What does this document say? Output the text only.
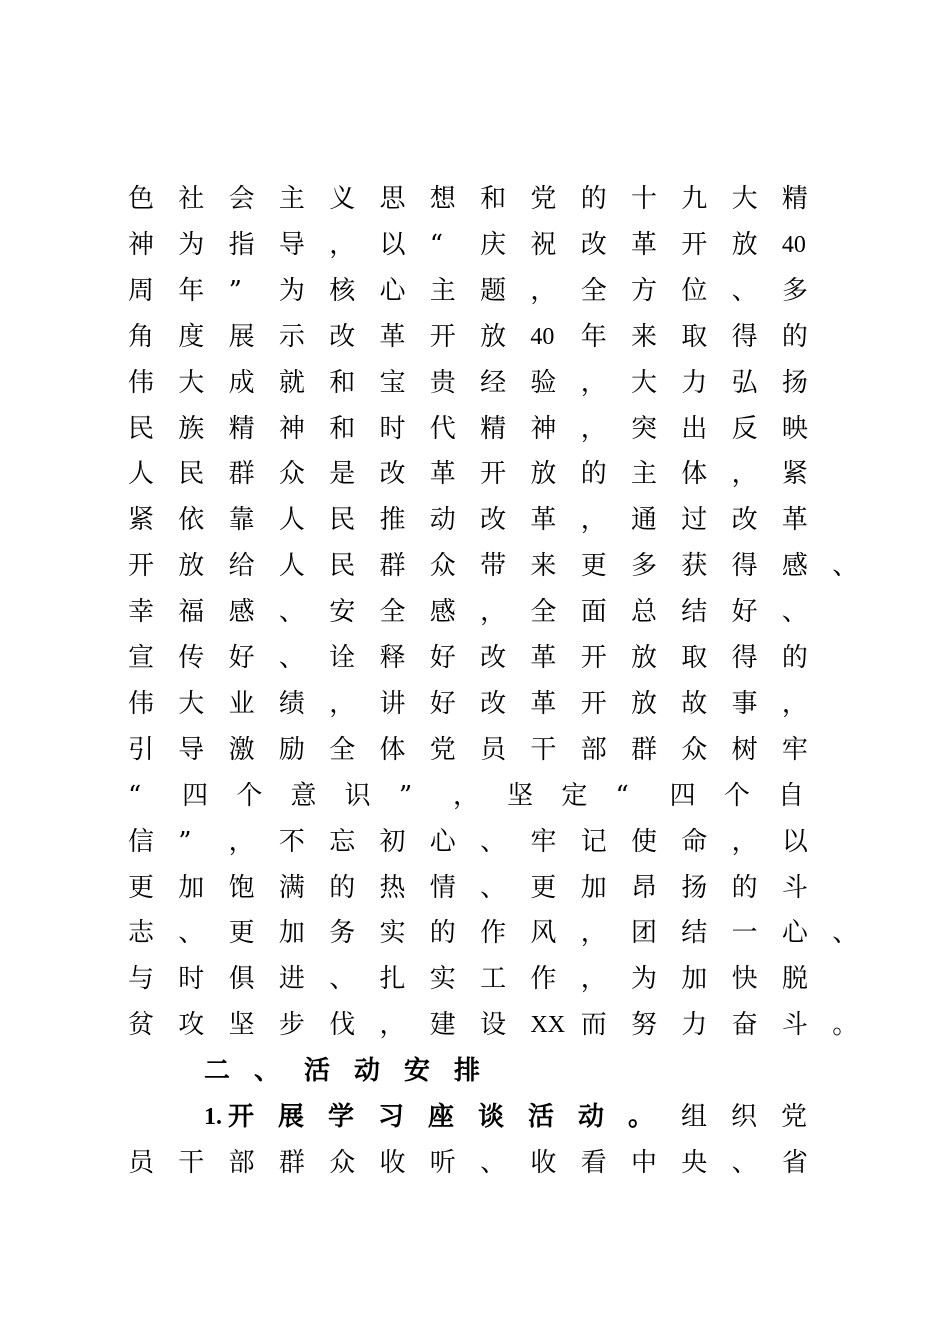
色 社 会 主 义 思 想 和 党 的 十 九 大 精
神 为 指 导 ， 以 “	庆 祝 改 革 开 放	40
周 年 ”	为 核 心 主 题 ， 全 方 位 、 多
角 度 展 示 改 革 开 放	40	年 来 取 得 的
伟 大 成 就 和 宝 贵 经 验 ， 大 力 弘 扬
民 族 精 神 和 时 代 精 神 ， 突 出 反 映
人 民 群 众 是 改 革 开 放 的 主 体 ， 紧
紧 依 靠 人 民 推 动 改 革 ， 通 过 改 革
开 放 给 人 民 群 众 带 来 更 多 获 得 感 、
幸 福 感 、 安 全 感 ， 全 面 总 结 好 、
宣 传 好 、 诠 释 好 改 革 开 放 取 得 的
伟 大 业 绩 ， 讲 好 改 革 开 放 故 事 ，
引 导 激 励 全 体 党 员 干 部 群 众 树 牢
“	四	个	意	识	”	，	坚	定	“	四	个	自
信 ”	， 不 忘 初 心 、 牢 记 使 命 ， 以
更 加 饱 满 的 热 情 、 更 加 昂 扬 的 斗
志 、 更 加 务 实 的 作 风 ， 团 结 一 心 、
与 时 俱 进 、 扎 实 工 作 ， 为 加 快 脱
贫 攻 坚 步 伐 ， 建 设	XX 而 努 力 奋 斗 。
二 、 活 动 安 排
1. 开 展 学 习 座 谈 活 动 。	组 织 党
员 干 部 群 众 收 听 、 收 看 中 央 、 省
